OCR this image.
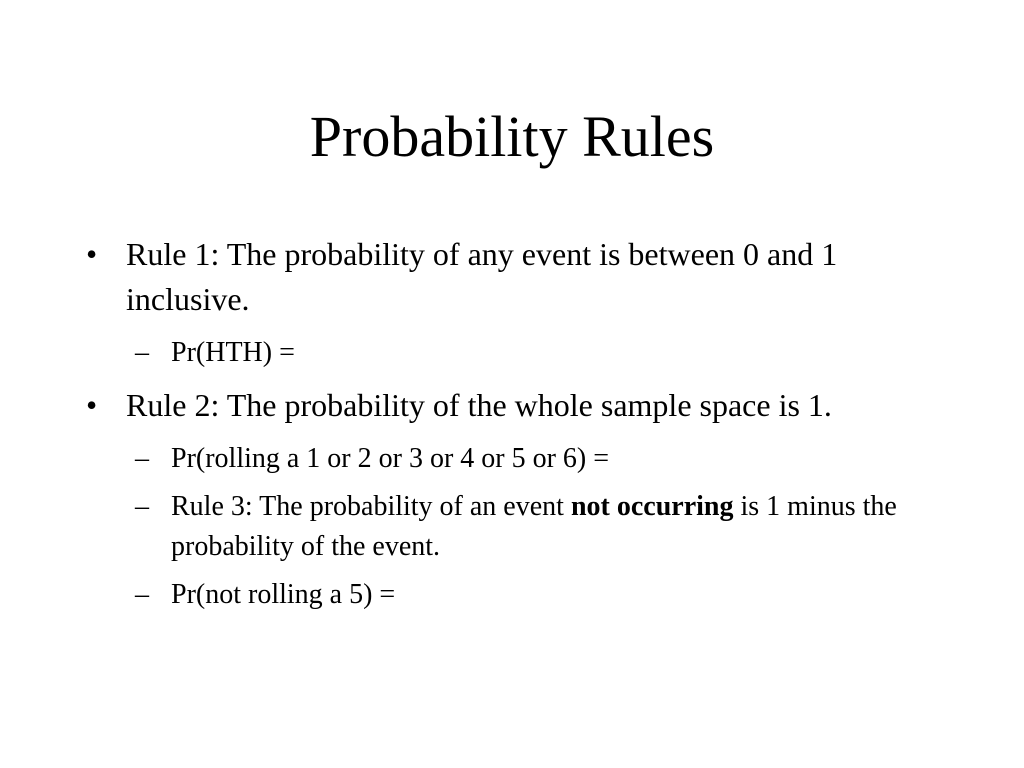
Probability Rules
• Rule 1: The probability of any event is between 0 and 1 inclusive.
– Pr(HTH) =
• Rule 2: The probability of the whole sample space is 1.
– Pr(rolling a 1 or 2 or 3 or 4 or 5 or 6) =
– Rule 3: The probability of an event not occurring is 1 minus the probability of the event.
– Pr(not rolling a 5) =
